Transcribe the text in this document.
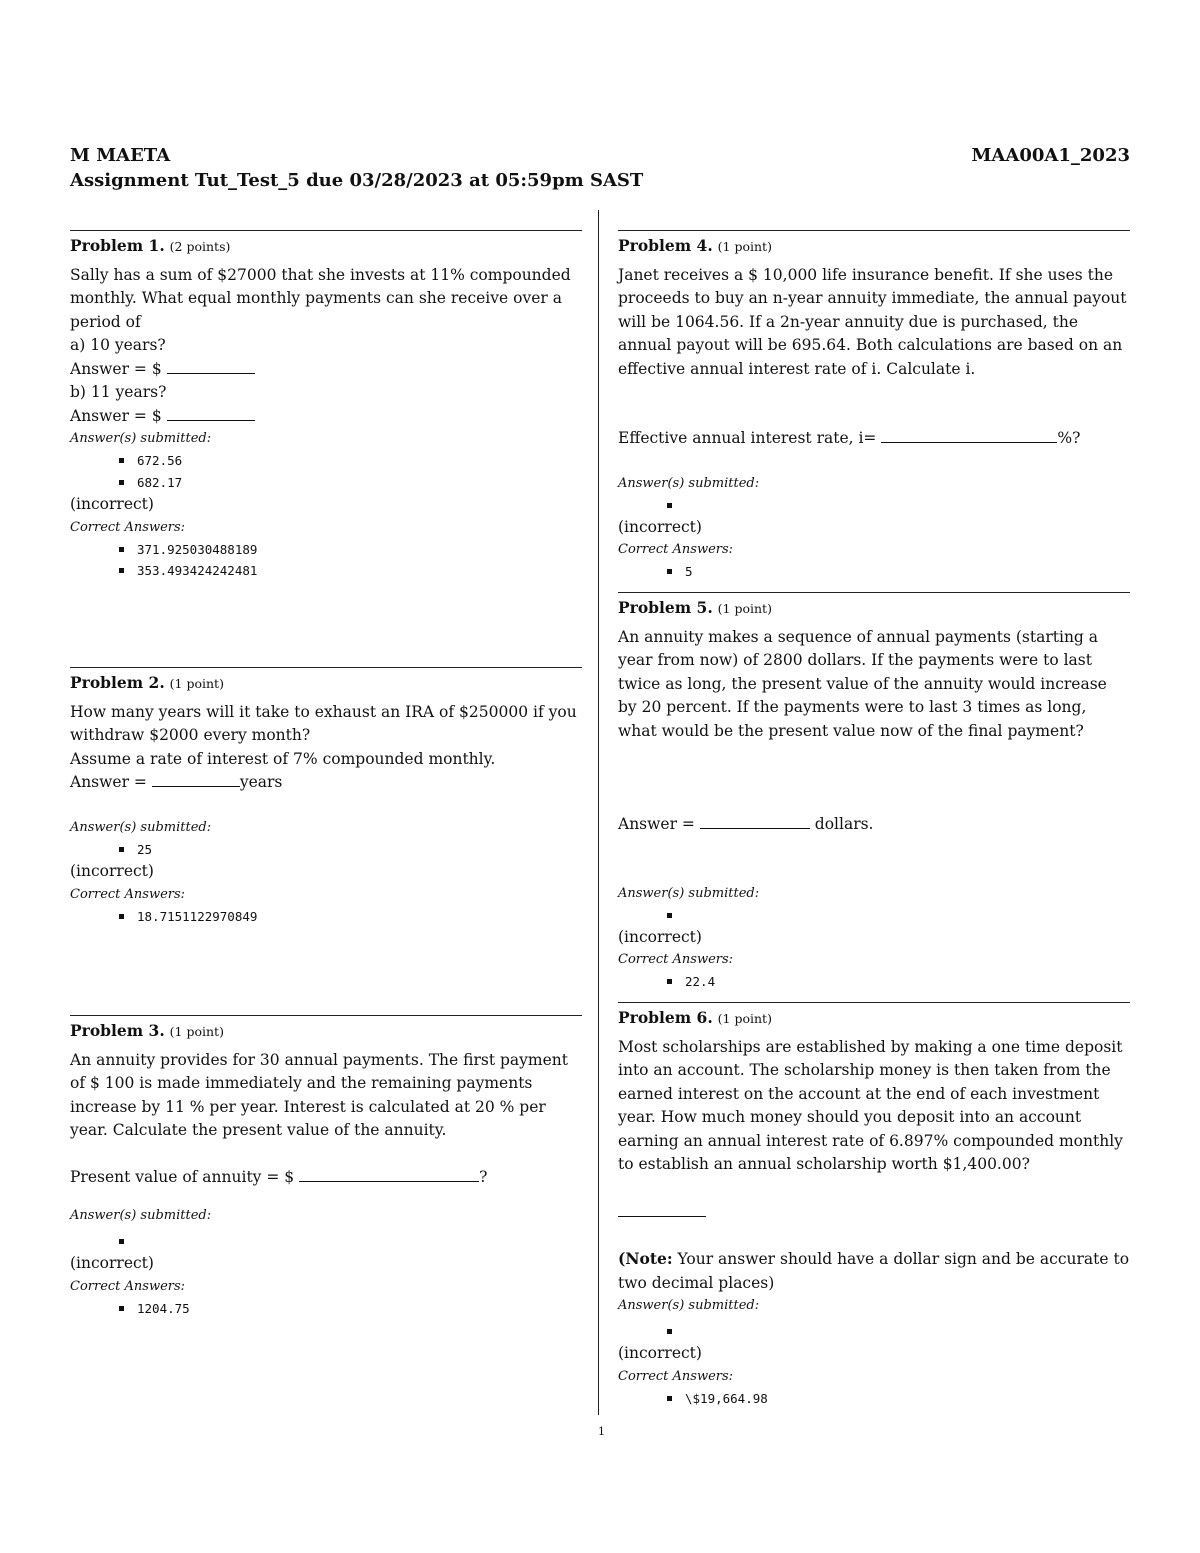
M MAETA	MAA00A1_2023
Assignment Tut_Test_5 due 03/28/2023 at 05:59pm SAST
Problem 1. (2 points)
Sally has a sum of $27000 that she invests at 11% compounded monthly. What equal monthly payments can she receive over a period of
a) 10 years?
Answer = $
b) 11 years?
Answer = $
Answer(s) submitted:
672.56
682.17
(incorrect)
Correct Answers:
371.925030488189
353.493424242481
Problem 2. (1 point)
How many years will it take to exhaust an IRA of $250000 if you withdraw $2000 every month?
Assume a rate of interest of 7% compounded monthly.
Answer =	years
Answer(s) submitted:
25
(incorrect)
Correct Answers:
18.7151122970849
Problem 3. (1 point)
An annuity provides for 30 annual payments. The first payment of $ 100 is made immediately and the remaining payments increase by 11 % per year. Interest is calculated at 20 % per year. Calculate the present value of the annuity.
Present value of annuity = $	?
Answer(s) submitted:
(incorrect)
Correct Answers:
1204.75
Problem 4. (1 point)
Janet receives a $ 10,000 life insurance benefit. If she uses the proceeds to buy an n-year annuity immediate, the annual payout will be 1064.56. If a 2n-year annuity due is purchased, the annual payout will be 695.64. Both calculations are based on an effective annual interest rate of i. Calculate i.
Effective annual interest rate, i=	%?
Answer(s) submitted:
(incorrect)
Correct Answers:
5
Problem 5. (1 point)
An annuity makes a sequence of annual payments (starting a year from now) of 2800 dollars. If the payments were to last twice as long, the present value of the annuity would increase by 20 percent. If the payments were to last 3 times as long, what would be the present value now of the final payment?
Answer =	dollars.
Answer(s) submitted:
(incorrect)
Correct Answers:
22.4
Problem 6. (1 point)
Most scholarships are established by making a one time deposit into an account. The scholarship money is then taken from the earned interest on the account at the end of each investment year. How much money should you deposit into an account earning an annual interest rate of 6.897% compounded monthly to establish an annual scholarship worth $1,400.00?
(Note: Your answer should have a dollar sign and be accurate to two decimal places)
Answer(s) submitted:
(incorrect)
Correct Answers:
\$19,664.98
1
